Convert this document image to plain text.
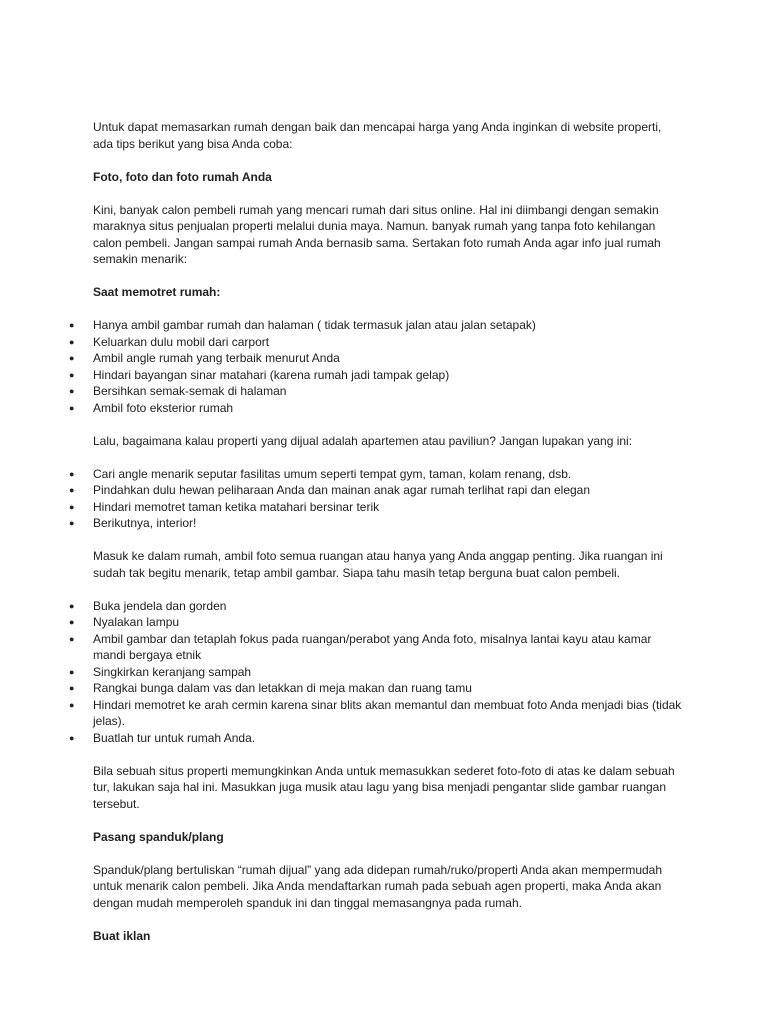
Untuk dapat memasarkan rumah dengan baik dan mencapai harga yang Anda inginkan di website properti, ada tips berikut yang bisa Anda coba:

Foto, foto dan foto rumah Anda

Kini, banyak calon pembeli rumah yang mencari rumah dari situs online. Hal ini diimbangi dengan semakin maraknya situs penjualan properti melalui dunia maya. Namun. banyak rumah yang tanpa foto kehilangan calon pembeli. Jangan sampai rumah Anda bernasib sama. Sertakan foto rumah Anda agar info jual rumah semakin menarik:

Saat memotret rumah:

● Hanya ambil gambar rumah dan halaman ( tidak termasuk jalan atau jalan setapak)
● Keluarkan dulu mobil dari carport
● Ambil angle rumah yang terbaik menurut Anda
● Hindari bayangan sinar matahari (karena rumah jadi tampak gelap)
● Bersihkan semak-semak di halaman
● Ambil foto eksterior rumah

Lalu, bagaimana kalau properti yang dijual adalah apartemen atau paviliun? Jangan lupakan yang ini:

● Cari angle menarik seputar fasilitas umum seperti tempat gym, taman, kolam renang, dsb.
● Pindahkan dulu hewan peliharaan Anda dan mainan anak agar rumah terlihat rapi dan elegan
● Hindari memotret taman ketika matahari bersinar terik
● Berikutnya, interior!

Masuk ke dalam rumah, ambil foto semua ruangan atau hanya yang Anda anggap penting. Jika ruangan ini sudah tak begitu menarik, tetap ambil gambar. Siapa tahu masih tetap berguna buat calon pembeli.

● Buka jendela dan gorden
● Nyalakan lampu
● Ambil gambar dan tetaplah fokus pada ruangan/perabot yang Anda foto, misalnya lantai kayu atau kamar mandi bergaya etnik
● Singkirkan keranjang sampah
● Rangkai bunga dalam vas dan letakkan di meja makan dan ruang tamu
● Hindari memotret ke arah cermin karena sinar blits akan memantul dan membuat foto Anda menjadi bias (tidak jelas).
● Buatlah tur untuk rumah Anda.

Bila sebuah situs properti memungkinkan Anda untuk memasukkan sederet foto-foto di atas ke dalam sebuah tur, lakukan saja hal ini. Masukkan juga musik atau lagu yang bisa menjadi pengantar slide gambar ruangan tersebut.

Pasang spanduk/plang

Spanduk/plang bertuliskan “rumah dijual” yang ada didepan rumah/ruko/properti Anda akan mempermudah untuk menarik calon pembeli. Jika Anda mendaftarkan rumah pada sebuah agen properti, maka Anda akan dengan mudah memperoleh spanduk ini dan tinggal memasangnya pada rumah.

Buat iklan
